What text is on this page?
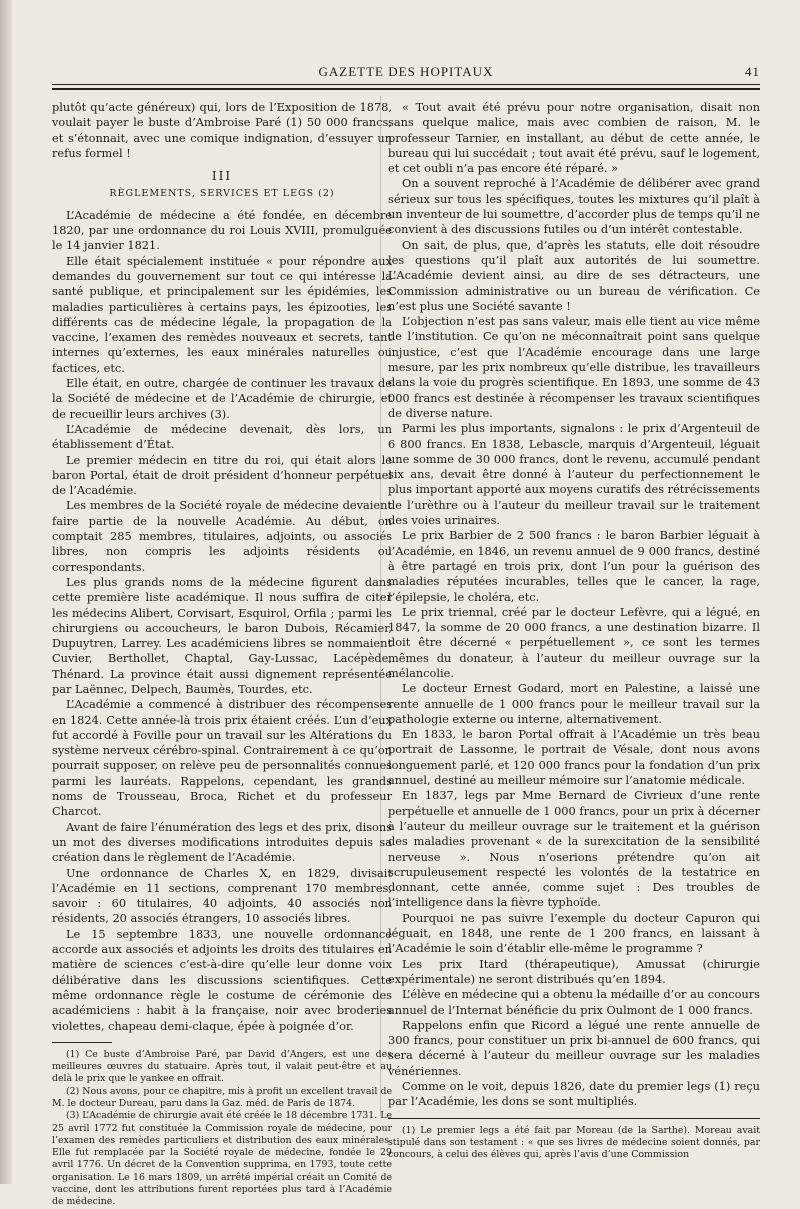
GAZETTE DES HOPITAUX	41

plutôt qu’acte généreux) qui, lors de l’Exposition de 1878, voulait payer le buste d’Ambroise Paré (1) 50 000 francs, et s’étonnait, avec une comique indignation, d’essuyer un refus formel !

III
RÈGLEMENTS, SERVICES ET LEGS (2)

L’Académie de médecine a été fondée, en décembre 1820, par une ordonnance du roi Louis XVIII, promulguée le 14 janvier 1821.

Elle était spécialement instituée « pour répondre aux demandes du gouvernement sur tout ce qui intéresse la santé publique, et principalement sur les épidémies, les maladies particulières à certains pays, les épizooties, les différents cas de médecine légale, la propagation de la vaccine, l’examen des remèdes nouveaux et secrets, tant internes qu’externes, les eaux minérales naturelles ou factices, etc.

Elle était, en outre, chargée de continuer les travaux de la Société de médecine et de l’Académie de chirurgie, et de recueillir leurs archives (3).

L’Académie de médecine devenait, dès lors, un établissement d’État.

Le premier médecin en titre du roi, qui était alors le baron Portal, était de droit président d’honneur perpétuel de l’Académie.

Les membres de la Société royale de médecine devaient faire partie de la nouvelle Académie. Au début, on comptait 285 membres, titulaires, adjoints, ou associés libres, non compris les adjoints résidents ou correspondants.

Les plus grands noms de la médecine figurent dans cette première liste académique. Il nous suffira de citer les médecins Alibert, Corvisart, Esquirol, Orfila ; parmi les chirurgiens ou accoucheurs, le baron Dubois, Récamier, Dupuytren, Larrey. Les académiciens libres se nommaient Cuvier, Berthollet, Chaptal, Gay-Lussac, Lacépède, Thénard. La province était aussi dignement représentée par Laënnec, Delpech, Baumès, Tourdes, etc.

L’Académie a commencé à distribuer des récompenses en 1824. Cette année-là trois prix étaient créés. L’un d’eux fut accordé à Foville pour un travail sur les Altérations du système nerveux cérébro-spinal. Contrairement à ce qu’on pourrait supposer, on relève peu de personnalités connues parmi les lauréats. Rappelons, cependant, les grands noms de Trousseau, Broca, Richet et du professeur Charcot.

Avant de faire l’énumération des legs et des prix, disons un mot des diverses modifications introduites depuis sa création dans le règlement de l’Académie.

Une ordonnance de Charles X, en 1829, divisait l’Académie en 11 sections, comprenant 170 membres, savoir : 60 titulaires, 40 adjoints, 40 associés non résidents, 20 associés étrangers, 10 associés libres.

Le 15 septembre 1833, une nouvelle ordonnance accorde aux associés et adjoints les droits des titulaires en matière de sciences c’est-à-dire qu’elle leur donne voix délibérative dans les discussions scientifiques. Cette même ordonnance règle le costume de cérémonie des académiciens : habit à la française, noir avec broderies violettes, chapeau demi-claque, épée à poignée d’or.

(1) Ce buste d’Ambroise Paré, par David d’Angers, est une des meilleures œuvres du statuaire. Après tout, il valait peut-être et au delà le prix que le yankee en offrait.

(2) Nous avons, pour ce chapitre, mis à profit un excellent travail de M. le docteur Dureau, paru dans la Gaz. méd. de Paris de 1874.

(3) L’Académie de chirurgie avait été créée le 18 décembre 1731. Le 25 avril 1772 fut constituée la Commission royale de médecine, pour l’examen des remèdes particuliers et distribution des eaux minérales. Elle fut remplacée par la Société royale de médecine, fondée le 29 avril 1776. Un décret de la Convention supprima, en 1793, toute cette organisation. Le 16 mars 1809, un arrêté impérial créait un Comité de vaccine, dont les attributions furent reportées plus tard à l’Académie de médecine.

« Tout avait été prévu pour notre organisation, disait non sans quelque malice, mais avec combien de raison, M. le professeur Tarnier, en installant, au début de cette année, le bureau qui lui succédait ; tout avait été prévu, sauf le logement, et cet oubli n’a pas encore été réparé. »

On a souvent reproché à l’Académie de délibérer avec grand sérieux sur tous les spécifiques, toutes les mixtures qu’il plaît à un inventeur de lui soumettre, d’accorder plus de temps qu’il ne convient à des discussions futiles ou d’un intérêt contestable.

On sait, de plus, que, d’après les statuts, elle doit résoudre les questions qu’il plaît aux autorités de lui soumettre. L’Académie devient ainsi, au dire de ses détracteurs, une Commission administrative ou un bureau de vérification. Ce n’est plus une Société savante !

L’objection n’est pas sans valeur, mais elle tient au vice même de l’institution. Ce qu’on ne méconnaîtrait point sans quelque injustice, c’est que l’Académie encourage dans une large mesure, par les prix nombreux qu’elle distribue, les travailleurs dans la voie du progrès scientifique. En 1893, une somme de 43 000 francs est destinée à récompenser les travaux scientifiques de diverse nature.

Parmi les plus importants, signalons : le prix d’Argenteuil de 6 800 francs. En 1838, Lebascle, marquis d’Argenteuil, léguait une somme de 30 000 francs, dont le revenu, accumulé pendant six ans, devait être donné à l’auteur du perfectionnement le plus important apporté aux moyens curatifs des rétrécissements de l’urèthre ou à l’auteur du meilleur travail sur le traitement des voies urinaires.

Le prix Barbier de 2 500 francs : le baron Barbier léguait à l’Académie, en 1846, un revenu annuel de 9 000 francs, destiné à être partagé en trois prix, dont l’un pour la guérison des maladies réputées incurables, telles que le cancer, la rage, l’épilepsie, le choléra, etc.

Le prix triennal, créé par le docteur Lefèvre, qui a légué, en 1847, la somme de 20 000 francs, a une destination bizarre. Il doit être décerné « perpétuellement », ce sont les termes mêmes du donateur, à l’auteur du meilleur ouvrage sur la mélancolie.

Le docteur Ernest Godard, mort en Palestine, a laissé une rente annuelle de 1 000 francs pour le meilleur travail sur la pathologie externe ou interne, alternativement.

En 1833, le baron Portal offrait à l’Académie un très beau portrait de Lassonne, le portrait de Vésale, dont nous avons longuement parlé, et 120 000 francs pour la fondation d’un prix annuel, destiné au meilleur mémoire sur l’anatomie médicale.

En 1837, legs par Mme Bernard de Civrieux d’une rente perpétuelle et annuelle de 1 000 francs, pour un prix à décerner à l’auteur du meilleur ouvrage sur le traitement et la guérison des maladies provenant « de la surexcitation de la sensibilité nerveuse ». Nous n’oserions prétendre qu’on ait scrupuleusement respecté les volontés de la testatrice en donnant, cette année, comme sujet : Des troubles de l’intelligence dans la fièvre typhoïde.

Pourquoi ne pas suivre l’exemple du docteur Capuron qui léguait, en 1848, une rente de 1 200 francs, en laissant à l’Académie le soin d’établir elle-même le programme ?

Les prix Itard (thérapeutique), Amussat (chirurgie expérimentale) ne seront distribués qu’en 1894.

L’élève en médecine qui a obtenu la médaille d’or au concours annuel de l’Internat bénéficie du prix Oulmont de 1 000 francs.

Rappelons enfin que Ricord a légué une rente annuelle de 300 francs, pour constituer un prix bi-annuel de 600 francs, qui sera décerné à l’auteur du meilleur ouvrage sur les maladies vénériennes.

Comme on le voit, depuis 1826, date du premier legs (1) reçu par l’Académie, les dons se sont multipliés.

(1) Le premier legs a été fait par Moreau (de la Sarthe). Moreau avait stipulé dans son testament : « que ses livres de médecine soient donnés, par concours, à celui des élèves qui, après l’avis d’une Commission
